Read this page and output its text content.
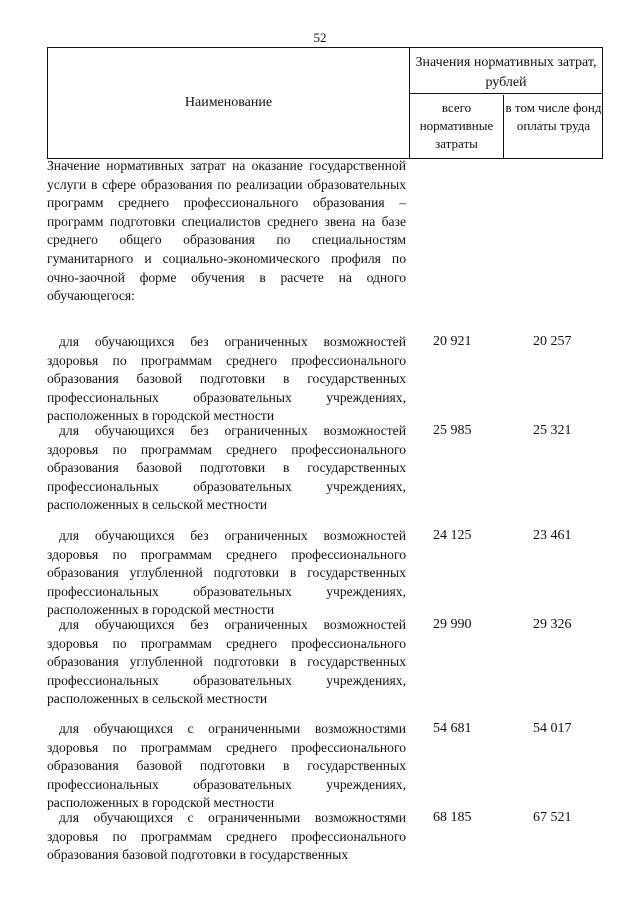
52
Наименование
Значения нормативных затрат, рублей
всего нормативные затраты
в том числе фонд оплаты труда
Значение нормативных затрат на оказание государственной услуги в сфере образования по реализации образовательных программ среднего профессионального образования – программ подготовки специалистов среднего звена на базе среднего общего образования по специальностям гуманитарного и социально-экономического профиля по очно-заочной форме обучения в расчете на одного обучающегося:
для обучающихся без ограниченных возможностей здоровья по программам среднего профессионального образования базовой подготовки в государственных профессиональных образовательных учреждениях, расположенных в городской местности
20 921	20 257
для обучающихся без ограниченных возможностей здоровья по программам среднего профессионального образования базовой подготовки в государственных профессиональных образовательных учреждениях, расположенных в сельской местности
25 985	25 321
для обучающихся без ограниченных возможностей здоровья по программам среднего профессионального образования углубленной подготовки в государственных профессиональных образовательных учреждениях, расположенных в городской местности
24 125	23 461
для обучающихся без ограниченных возможностей здоровья по программам среднего профессионального образования углубленной подготовки в государственных профессиональных образовательных учреждениях, расположенных в сельской местности
29 990	29 326
для обучающихся с ограниченными возможностями здоровья по программам среднего профессионального образования базовой подготовки в государственных профессиональных образовательных учреждениях, расположенных в городской местности
54 681	54 017
для обучающихся с ограниченными возможностями здоровья по программам среднего профессионального образования базовой подготовки в государственных
68 185	67 521
